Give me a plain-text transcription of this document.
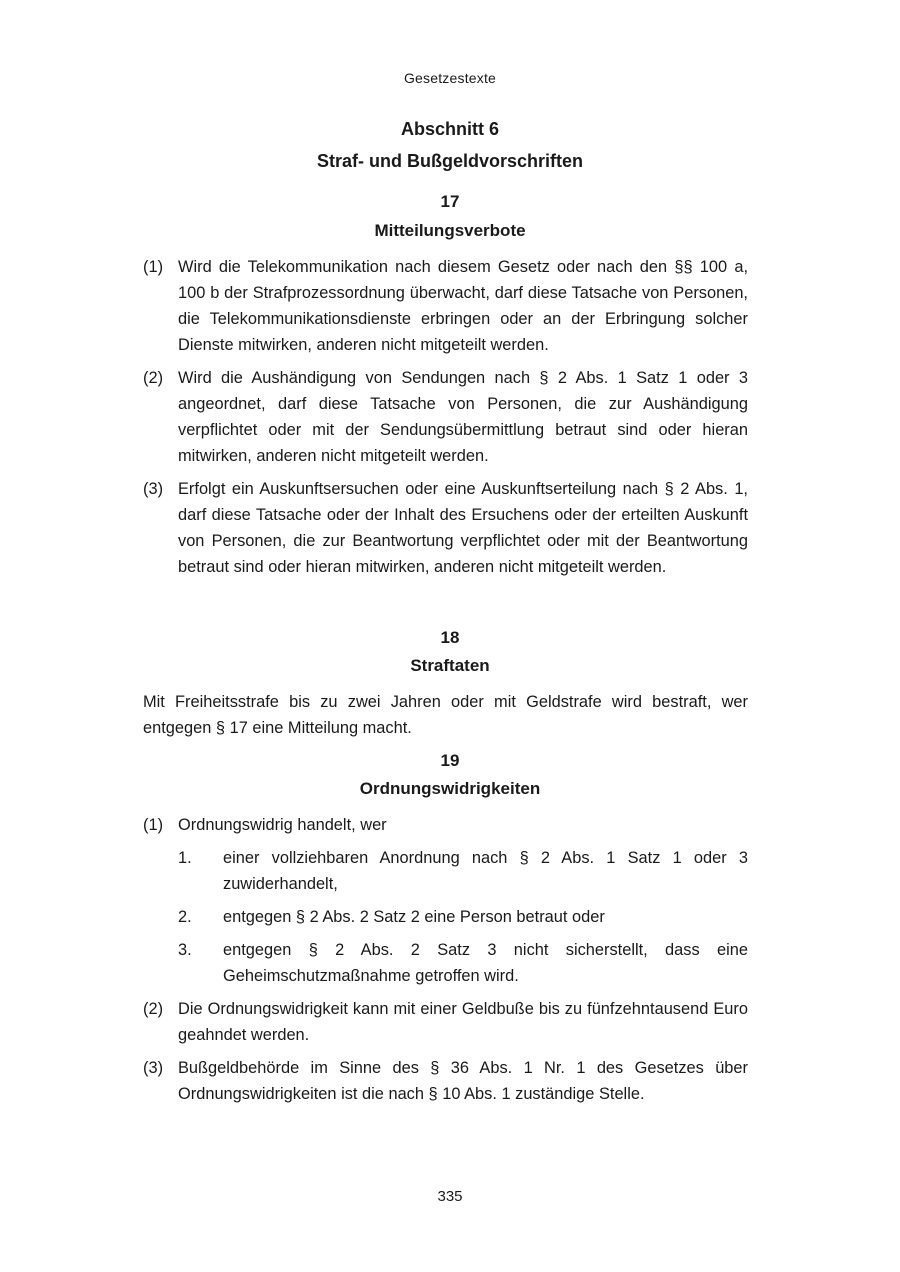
Gesetzestexte
Abschnitt 6
Straf- und Bußgeldvorschriften
17
Mitteilungsverbote
(1) Wird die Telekommunikation nach diesem Gesetz oder nach den §§ 100 a, 100 b der Strafprozessordnung überwacht, darf diese Tatsache von Personen, die Telekommunikationsdienste erbringen oder an der Erbringung solcher Dienste mitwirken, anderen nicht mitgeteilt werden.
(2) Wird die Aushändigung von Sendungen nach § 2 Abs. 1 Satz 1 oder 3 angeordnet, darf diese Tatsache von Personen, die zur Aushändigung verpflichtet oder mit der Sendungsübermittlung betraut sind oder hieran mitwirken, anderen nicht mitgeteilt werden.
(3) Erfolgt ein Auskunftsersuchen oder eine Auskunftserteilung nach § 2 Abs. 1, darf diese Tatsache oder der Inhalt des Ersuchens oder der erteilten Auskunft von Personen, die zur Beantwortung verpflichtet oder mit der Beantwortung betraut sind oder hieran mitwirken, anderen nicht mitgeteilt werden.
18
Straftaten
Mit Freiheitsstrafe bis zu zwei Jahren oder mit Geldstrafe wird bestraft, wer entgegen § 17 eine Mitteilung macht.
19
Ordnungswidrigkeiten
(1) Ordnungswidrig handelt, wer
1. einer vollziehbaren Anordnung nach § 2 Abs. 1 Satz 1 oder 3 zuwiderhandelt,
2. entgegen § 2 Abs. 2 Satz 2 eine Person betraut oder
3. entgegen § 2 Abs. 2 Satz 3 nicht sicherstellt, dass eine Geheimschutzmaßnahme getroffen wird.
(2) Die Ordnungswidrigkeit kann mit einer Geldbuße bis zu fünfzehntausend Euro geahndet werden.
(3) Bußgeldbehörde im Sinne des § 36 Abs. 1 Nr. 1 des Gesetzes über Ordnungswidrigkeiten ist die nach § 10 Abs. 1 zuständige Stelle.
335
